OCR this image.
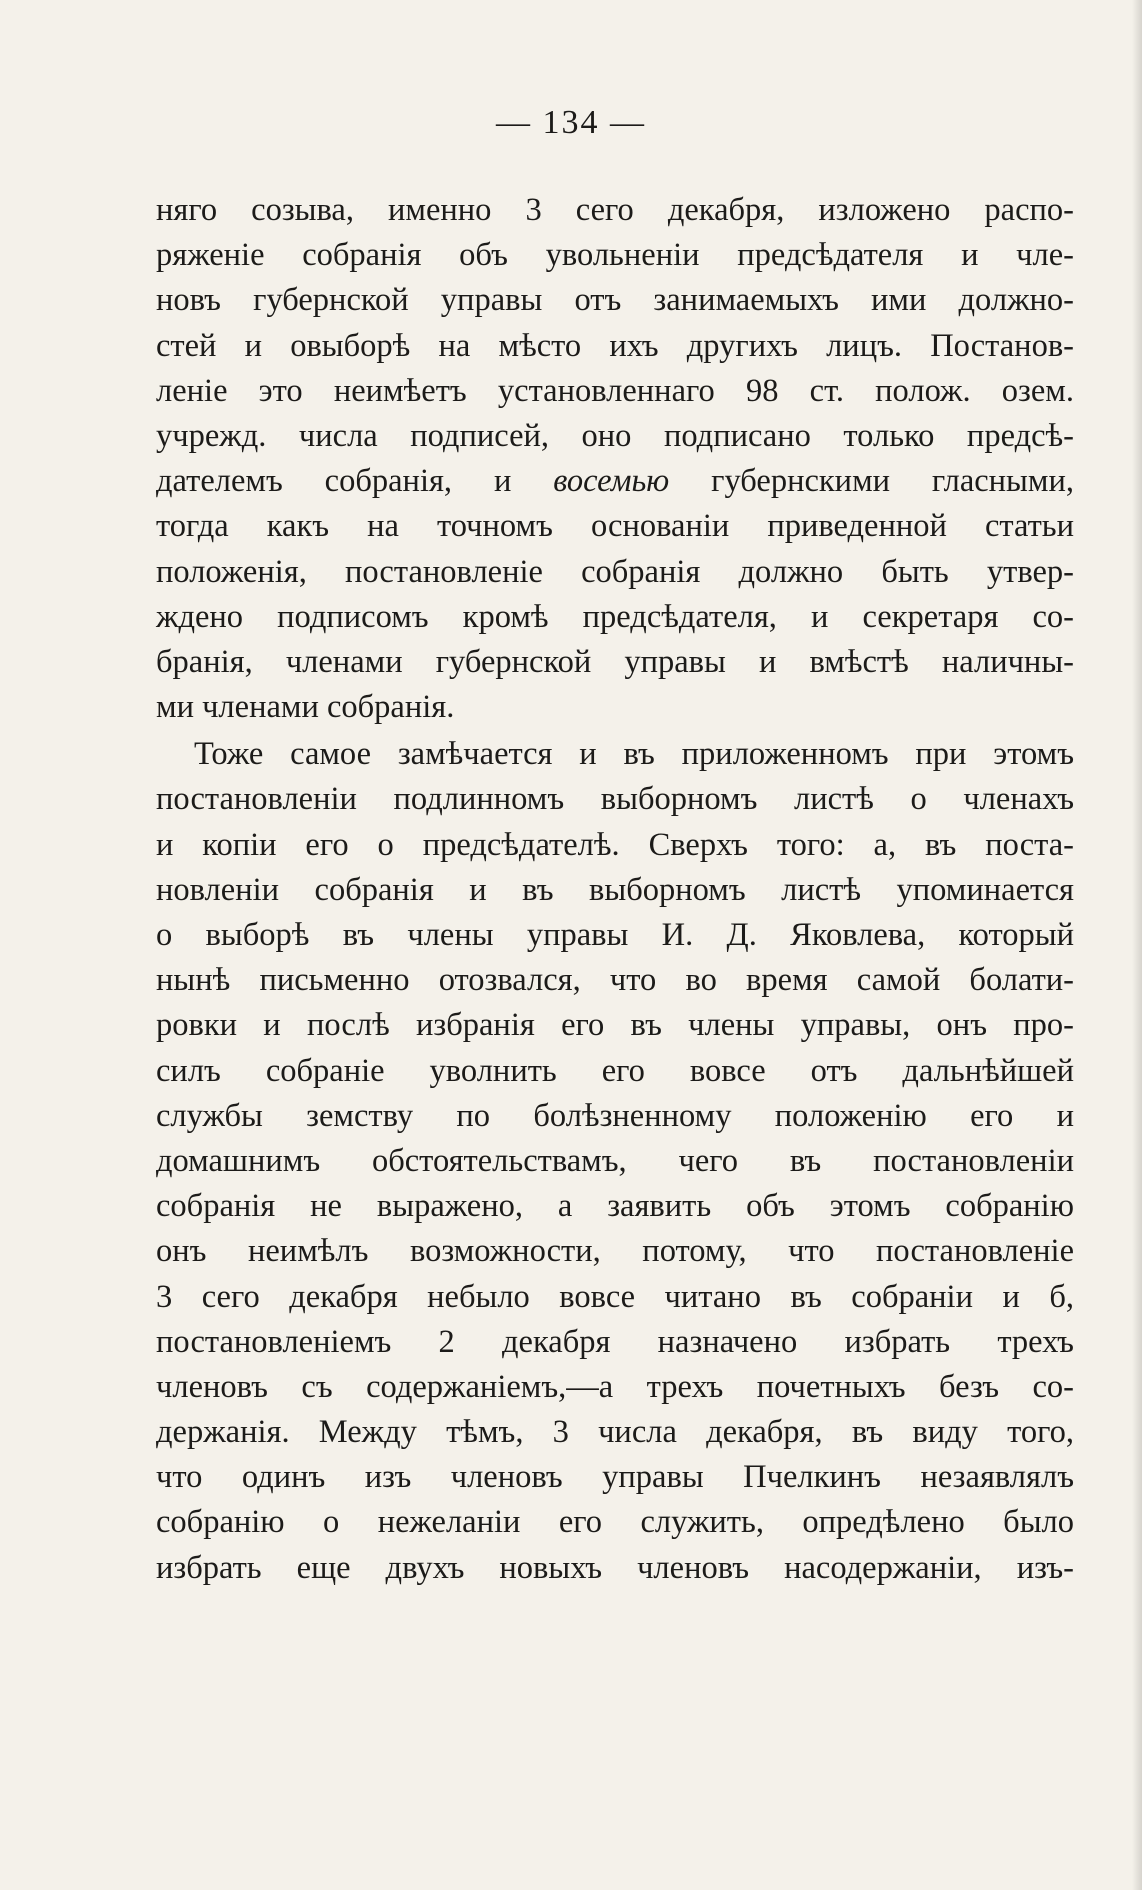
— 134 —
няго созыва, именно 3 сего декабря, изложено распо-
ряженіе собранія объ увольненіи предсѣдателя и чле-
новъ губернской управы отъ занимаемыхъ ими должно-
стей и овыборѣ на мѣсто ихъ другихъ лицъ. Постанов-
леніе это неимѣетъ установленнаго 98 ст. полож. озем.
учрежд. числа подписей, оно подписано только предсѣ-
дателемъ собранія, и восемью губернскими гласными,
тогда какъ на точномъ основаніи приведенной статьи
положенія, постановленіе собранія должно быть утвер-
ждено подписомъ кромѣ предсѣдателя, и секретаря со-
бранія, членами губернской управы и вмѣстѣ наличны-
ми членами собранія.
Тоже самое замѣчается и въ приложенномъ при этомъ
постановленіи подлинномъ выборномъ листѣ о членахъ
и копіи его о предсѣдателѣ. Сверхъ того: а, въ поста-
новленіи собранія и въ выборномъ листѣ упоминается
о выборѣ въ члены управы И. Д. Яковлева, который
нынѣ письменно отозвался, что во время самой болати-
ровки и послѣ избранія его въ члены управы, онъ про-
силъ собраніе уволнить его вовсе отъ дальнѣйшей
службы земству по болѣзненному положенію его и
домашнимъ обстоятельствамъ, чего въ постановленіи
собранія не выражено, а заявить объ этомъ собранію
онъ неимѣлъ возможности, потому, что постановленіе
3 сего декабря небыло вовсе читано въ собраніи и б,
постановленіемъ 2 декабря назначено избрать трехъ
членовъ съ содержаніемъ,—а трехъ почетныхъ безъ со-
держанія. Между тѣмъ, 3 числа декабря, въ виду того,
что одинъ изъ членовъ управы Пчелкинъ незаявлялъ
собранію о нежеланіи его служить, опредѣлено было
избрать еще двухъ новыхъ членовъ насодержаніи, изъ-
